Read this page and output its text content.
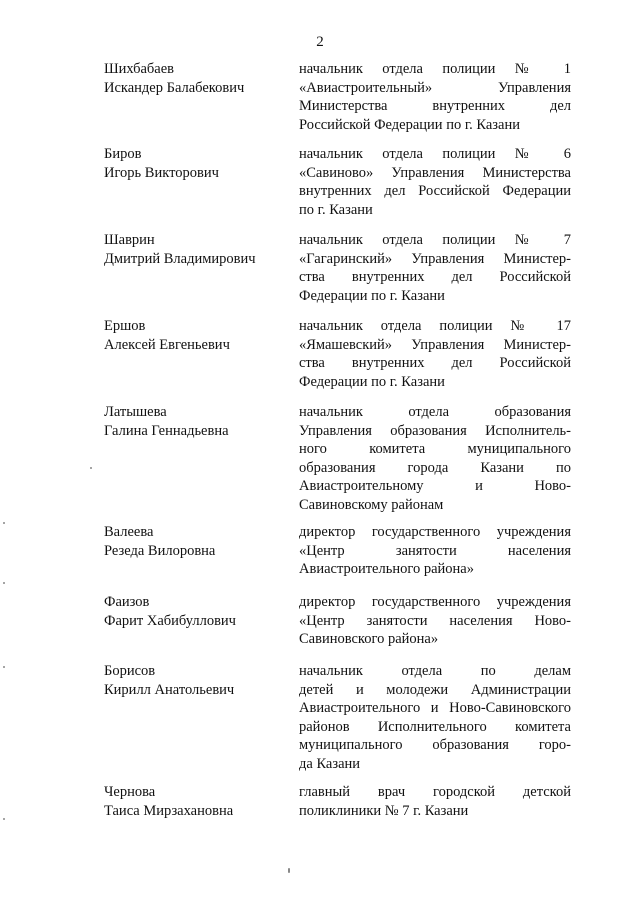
2
Шихбабаев
Искандер Балабекович
начальник отдела полиции № 1
«Авиастроительный» Управления
Министерства внутренних дел
Российской Федерации по г. Казани
Биров
Игорь Викторович
начальник отдела полиции № 6
«Савиново» Управления Министерства
внутренних дел Российской Федерации
по г. Казани
Шаврин
Дмитрий Владимирович
начальник отдела полиции № 7
«Гагаринский» Управления Министер-
ства внутренних дел Российской
Федерации по г. Казани
Ершов
Алексей Евгеньевич
начальник отдела полиции № 17
«Ямашевский» Управления Министер-
ства внутренних дел Российской
Федерации по г. Казани
Латышева
Галина Геннадьевна
начальник отдела образования
Управления образования Исполнитель-
ного комитета муниципального
образования города Казани по
Авиастроительному и Ново-
Савиновскому районам
Валеева
Резеда Вилоровна
директор государственного учреждения
«Центр занятости населения
Авиастроительного района»
Фаизов
Фарит Хабибуллович
директор государственного учреждения
«Центр занятости населения Ново-
Савиновского района»
Борисов
Кирилл Анатольевич
начальник отдела по делам
детей и молодежи Администрации
Авиастроительного и Ново-Савиновского
районов Исполнительного комитета
муниципального образования горо-
да Казани
Чернова
Таиса Мирзахановна
главный врач городской детской
поликлиники № 7 г. Казани
